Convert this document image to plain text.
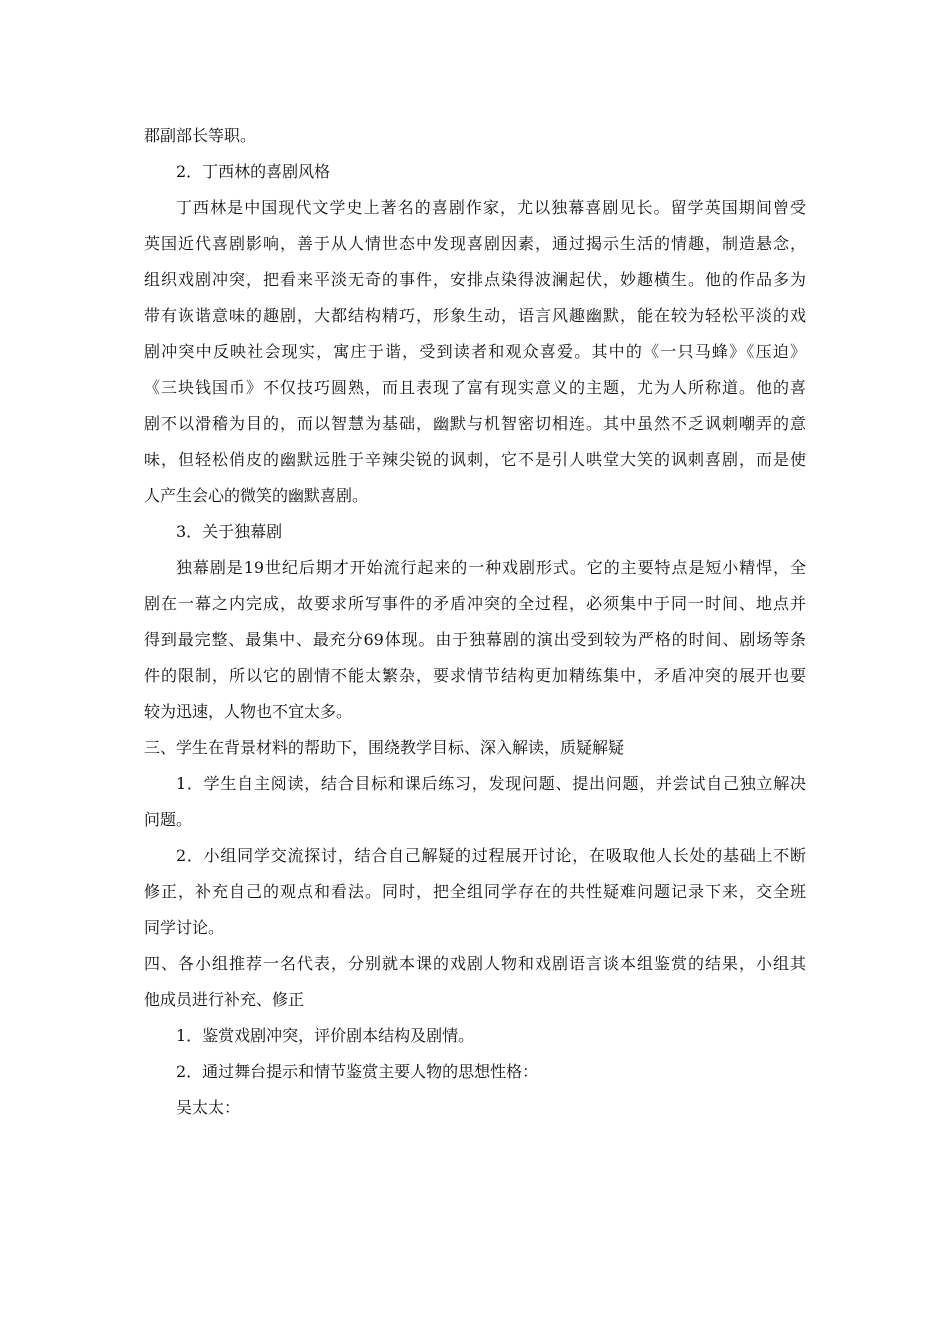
郡副部长等职。
2．丁西林的喜剧风格
丁西林是中国现代文学史上著名的喜剧作家，尤以独幕喜剧见长。留学英国期间曾受
英国近代喜剧影响，善于从人情世态中发现喜剧因素，通过揭示生活的情趣，制造悬念，
组织戏剧冲突，把看来平淡无奇的事件，安排点染得波澜起伏，妙趣横生。他的作品多为
带有诙谐意味的趣剧，大都结构精巧，形象生动，语言风趣幽默，能在较为轻松平淡的戏
剧冲突中反映社会现实，寓庄于谐，受到读者和观众喜爱。其中的《一只马蜂》《压迫》
《三块钱国币》不仅技巧圆熟，而且表现了富有现实意义的主题，尤为人所称道。他的喜
剧不以滑稽为目的，而以智慧为基础，幽默与机智密切相连。其中虽然不乏讽刺嘲弄的意
味，但轻松俏皮的幽默远胜于辛辣尖锐的讽刺，它不是引人哄堂大笑的讽刺喜剧，而是使
人产生会心的微笑的幽默喜剧。
3．关于独幕剧
独幕剧是19世纪后期才开始流行起来的一种戏剧形式。它的主要特点是短小精悍，全
剧在一幕之内完成，故要求所写事件的矛盾冲突的全过程，必须集中于同一时间、地点并
得到最完整、最集中、最充分69体现。由于独幕剧的演出受到较为严格的时间、剧场等条
件的限制，所以它的剧情不能太繁杂，要求情节结构更加精练集中，矛盾冲突的展开也要
较为迅速，人物也不宜太多。
三、学生在背景材料的帮助下，围绕教学目标、深入解读，质疑解疑
1．学生自主阅读，结合目标和课后练习，发现问题、提出问题，并尝试自己独立解决
问题。
2．小组同学交流探讨，结合自己解疑的过程展开讨论，在吸取他人长处的基础上不断
修正，补充自己的观点和看法。同时，把全组同学存在的共性疑难问题记录下来，交全班
同学讨论。
四、各小组推荐一名代表，分别就本课的戏剧人物和戏剧语言谈本组鉴赏的结果，小组其
他成员进行补充、修正
1．鉴赏戏剧冲突，评价剧本结构及剧情。
2．通过舞台提示和情节鉴赏主要人物的思想性格：
吴太太：
